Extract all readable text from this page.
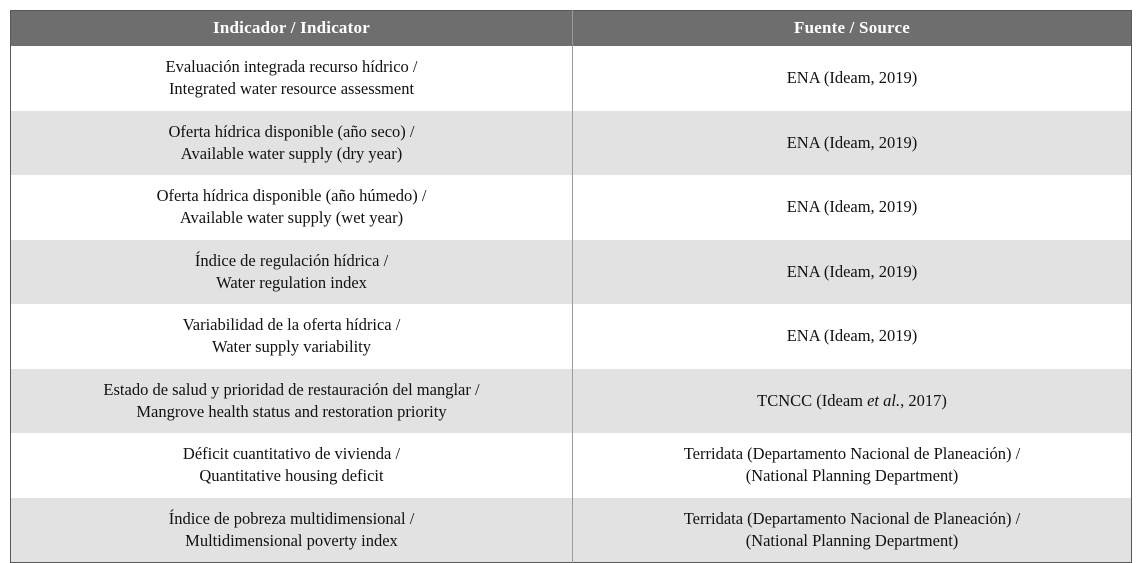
Indicador / Indicator	Fuente / Source

Evaluación integrada recurso hídrico /
Integrated water resource assessment	ENA (Ideam, 2019)

Oferta hídrica disponible (año seco) /
Available water supply (dry year)	ENA (Ideam, 2019)

Oferta hídrica disponible (año húmedo) /
Available water supply (wet year)	ENA (Ideam, 2019)

Índice de regulación hídrica /
Water regulation index	ENA (Ideam, 2019)

Variabilidad de la oferta hídrica /
Water supply variability	ENA (Ideam, 2019)

Estado de salud y prioridad de restauración del manglar /
Mangrove health status and restoration priority	TCNCC (Ideam et al., 2017)

Déficit cuantitativo de vivienda /
Quantitative housing deficit	Terridata (Departamento Nacional de Planeación) /
(National Planning Department)

Índice de pobreza multidimensional /
Multidimensional poverty index	Terridata (Departamento Nacional de Planeación) /
(National Planning Department)
